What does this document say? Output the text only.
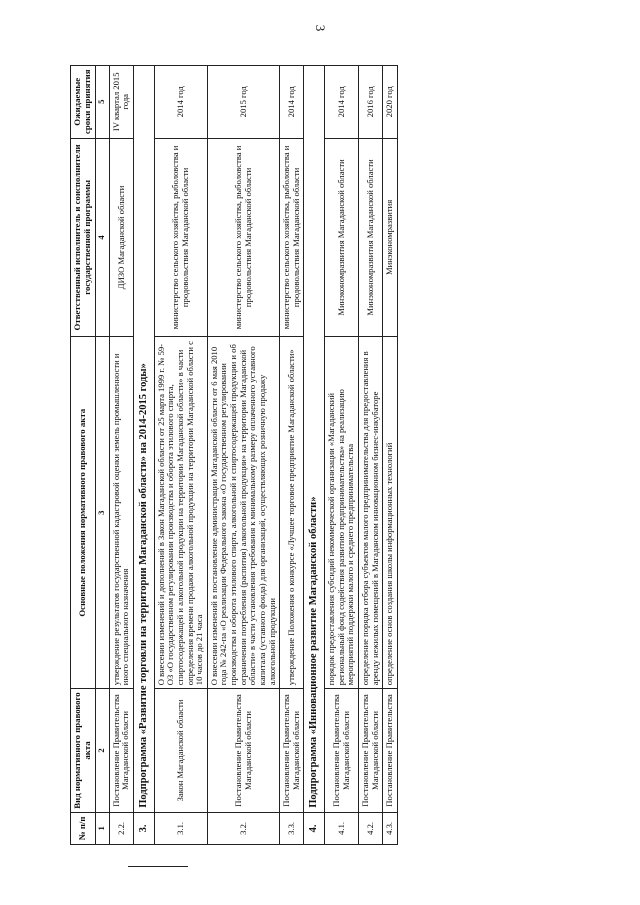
3
№ п/п	Вид нормативного правового акта	Основные положения нормативного правового акта	Ответственный исполнитель и соисполнители государственной программы	Ожидаемые сроки принятия
1	2	3	4	5
2.2.	Постановление Правительства Магаданской области	утверждение результатов государственной кадастровой оценки земель промышленности и иного специального назначения	ДИЗО Магаданской области	IV квартал 2015 года
3.	Подпрограмма «Развитие торговли на территории Магаданской области» на 2014-2015 годы»			
3.1.	Закон Магаданской области	О внесении изменений и дополнений в Закон Магаданской области от 25 марта 1999 г. № 59-ОЗ «О государственном регулировании производства и оборота этилового спирта, спиртосодержащей и алкогольной продукции на территории Магаданской области» в части определения времени продажи алкогольной продукции на территории Магаданской области с 10 часов до 21 часа	министерство сельского хозяйства, рыболовства и продовольствия Магаданской области	2014 год
3.2.	Постановление Правительства Магаданской области	О внесении изменений в постановление администрации Магаданской области от 6 мая 2010 года № 242-па «О реализации Федерального закона «О государственном регулировании производства и оборота этилового спирта, алкогольной и спиртосодержащей продукции и об ограничении потребления (распития) алкогольной продукции» на территории Магаданской области» в части установления требования к минимальному размеру оплаченного уставного капитала (уставного фонда) для организаций, осуществляющих розничную продажу алкогольной продукции	министерство сельского хозяйства, рыболовства и продовольствия Магаданской области	2015 год
3.3.	Постановление Правительства Магаданской области	утверждение Положения о конкурсе «Лучшее торговое предприятие Магаданской области»	министерство сельского хозяйства, рыболовства и продовольствия Магаданской области	2014 год
4.	Подпрограмма «Инновационное развитие Магаданской области»			
4.1.	Постановление Правительства Магаданской области	порядок предоставления субсидий некоммерческой организации «Магаданский региональный фонд содействия развитию предпринимательства» на реализацию мероприятий поддержки малого и среднего предпринимательства	Минэкономразвития Магаданской области	2014 год
4.2.	Постановление Правительства Магаданской области	определение порядка отбора субъектов малого предпринимательства для предоставления в аренду нежилых помещений в Магаданском инновационном бизнес-инкубаторе	Минэкономразвития Магаданской области	2016 год
4.3.	Постановление Правительства	определение основ создания школы информационных технологий	Минэкономразвития	2020 год
